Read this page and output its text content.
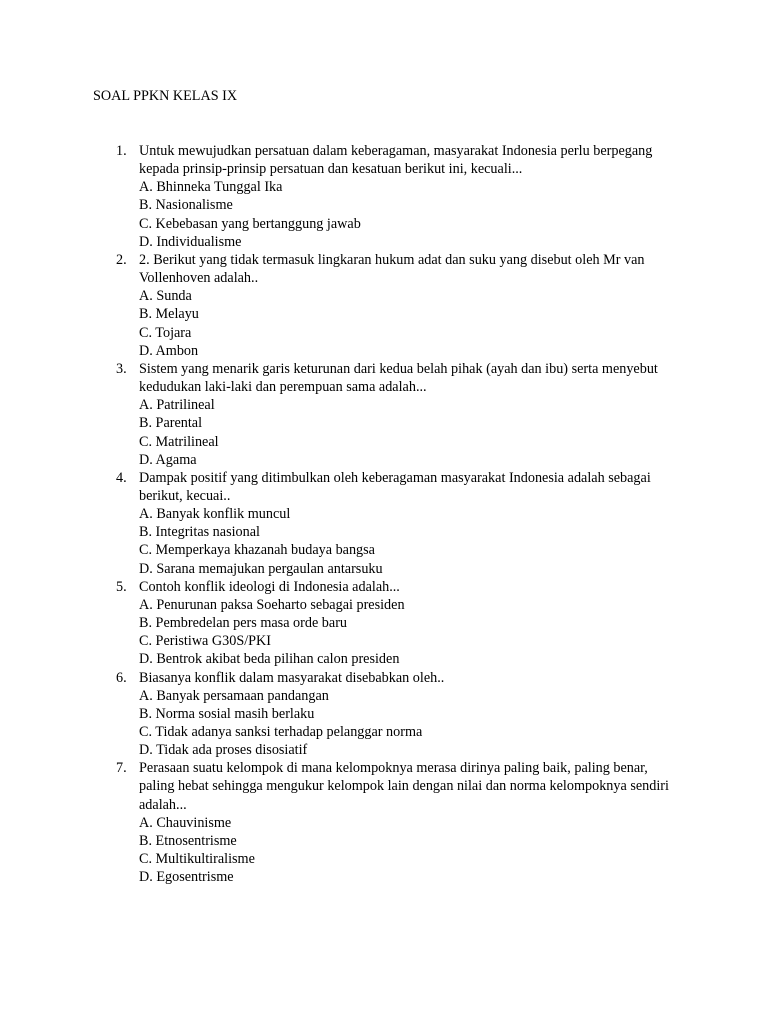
SOAL PPKN KELAS IX
1. Untuk mewujudkan persatuan dalam keberagaman, masyarakat Indonesia perlu berpegang kepada prinsip-prinsip persatuan dan kesatuan berikut ini, kecuali...
A. Bhinneka Tunggal Ika
B. Nasionalisme
C. Kebebasan yang bertanggung jawab
D. Individualisme
2. 2. Berikut yang tidak termasuk lingkaran hukum adat dan suku yang disebut oleh Mr van Vollenhoven adalah..
A. Sunda
B. Melayu
C. Tojara
D. Ambon
3. Sistem yang menarik garis keturunan dari kedua belah pihak (ayah dan ibu) serta menyebut kedudukan laki-laki dan perempuan sama adalah...
A. Patrilineal
B. Parental
C. Matrilineal
D. Agama
4. Dampak positif yang ditimbulkan oleh keberagaman masyarakat Indonesia adalah sebagai berikut, kecuai..
A. Banyak konflik muncul
B. Integritas nasional
C. Memperkaya khazanah budaya bangsa
D. Sarana memajukan pergaulan antarsuku
5. Contoh konflik ideologi di Indonesia adalah...
A. Penurunan paksa Soeharto sebagai presiden
B. Pembredelan pers masa orde baru
C. Peristiwa G30S/PKI
D. Bentrok akibat beda pilihan calon presiden
6. Biasanya konflik dalam masyarakat disebabkan oleh..
A. Banyak persamaan pandangan
B. Norma sosial masih berlaku
C. Tidak adanya sanksi terhadap pelanggar norma
D. Tidak ada proses disosiatif
7. Perasaan suatu kelompok di mana kelompoknya merasa dirinya paling baik, paling benar, paling hebat sehingga mengukur kelompok lain dengan nilai dan norma kelompoknya sendiri adalah...
A. Chauvinisme
B. Etnosentrisme
C. Multikultiralisme
D. Egosentrisme
